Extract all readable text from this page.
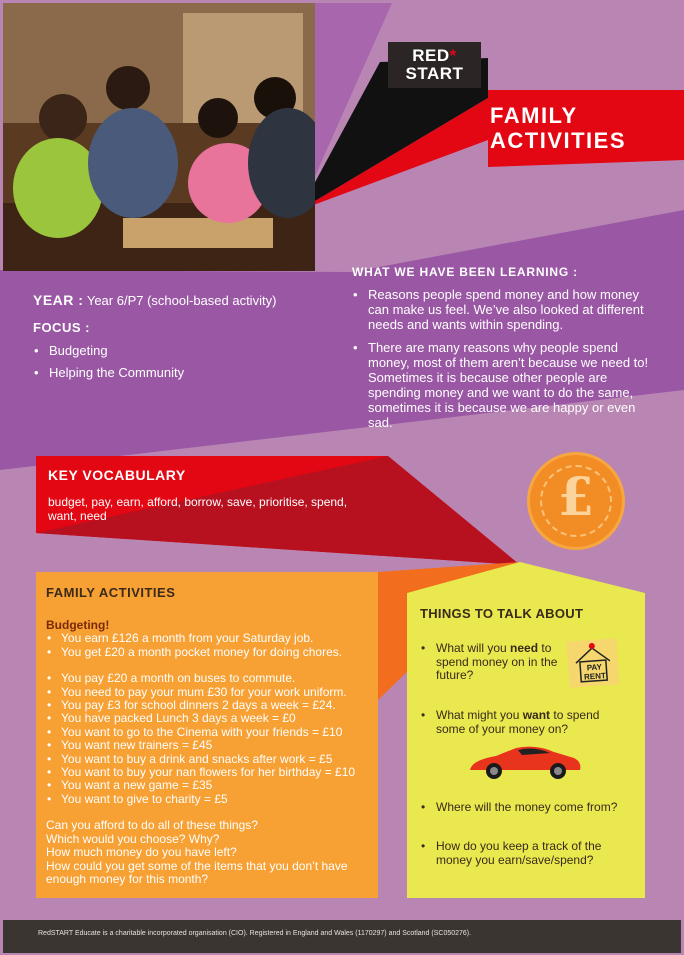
RED*
START
FAMILY
ACTIVITIES
WHAT WE HAVE BEEN LEARNING :
• Reasons people spend money and how money can make us feel. We’ve also looked at different needs and wants within spending.
• There are many reasons why people spend money, most of them aren’t because we need to! Sometimes it is because other people are spending money and we want to do the same, sometimes it is because we are happy or even sad.
YEAR : Year 6/P7 (school-based activity)
FOCUS :
• Budgeting
• Helping the Community
KEY VOCABULARY
budget, pay, earn, afford, borrow, save, prioritise, spend, want, need	£
FAMILY ACTIVITIES
Budgeting!
• You earn £126 a month from your Saturday job.
• You get £20 a month pocket money for doing chores.
• You pay £20 a month on buses to commute.
• You need to pay your mum £30 for your work uniform.
• You pay £3 for school dinners 2 days a week = £24.
• You have packed Lunch 3 days a week = £0
• You want to go to the Cinema with your friends = £10
• You want new trainers = £45
• You want to buy a drink and snacks after work = £5
• You want to buy your nan flowers for her birthday = £10
• You want a new game = £35
• You want to give to charity = £5
Can you afford to do all of these things?
Which would you choose? Why?
How much money do you have left?
How could you get some of the items that you don’t have enough money for this month?
THINGS TO TALK ABOUT
• What will you need to spend money on in the future?
PAY
RENT
• What might you want to spend some of your money on?
• Where will the money come from?
• How do you keep a track of the money you earn/save/spend?
RedSTART Educate is a charitable incorporated organisation (CIO). Registered in England and Wales (1170297) and Scotland (SC050276).
